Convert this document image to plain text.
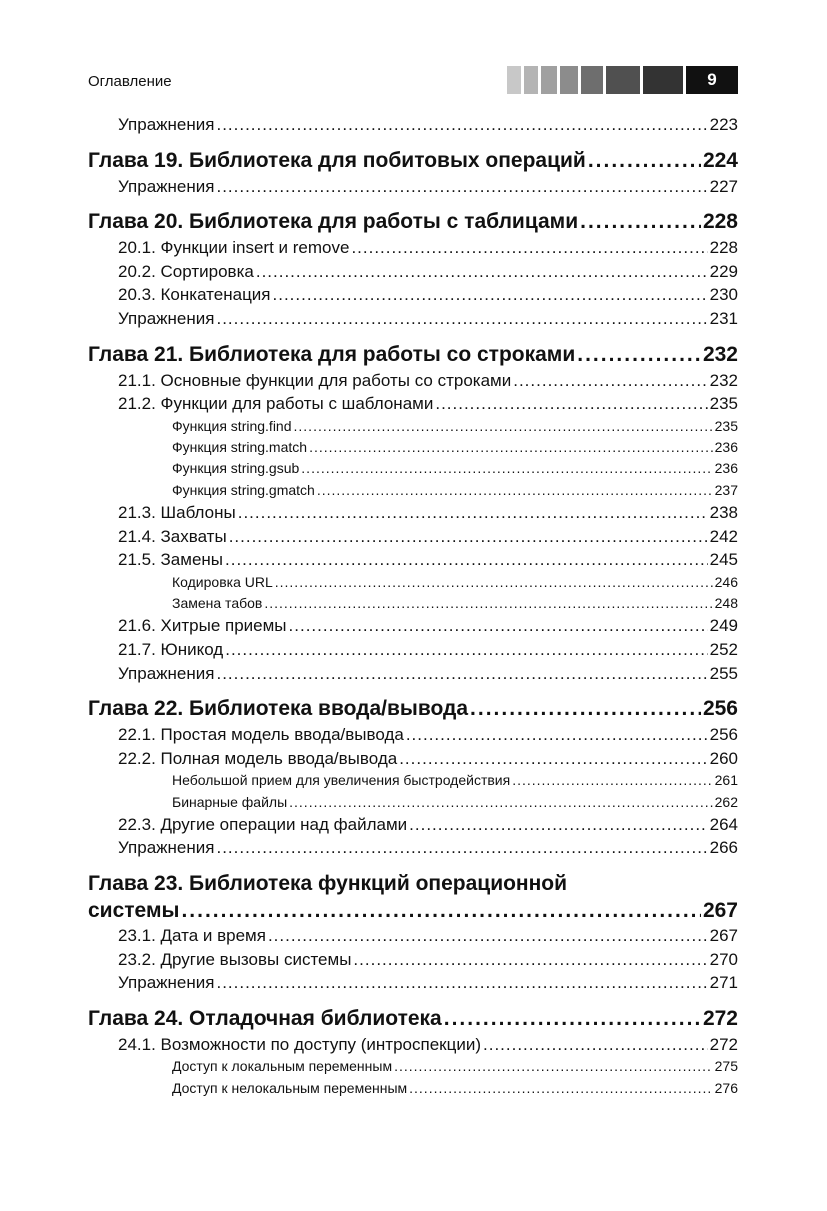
Оглавление	9
Упражнения .....	223
Глава 19. Библиотека для побитовых операций .....	224
Упражнения .....	227
Глава 20. Библиотека для работы с таблицами .....	228
20.1. Функции insert и remove .....	228
20.2. Сортировка .....	229
20.3. Конкатенация .....	230
Упражнения .....	231
Глава 21. Библиотека для работы со строками .....	232
21.1. Основные функции для работы со строками .....	232
21.2. Функции для работы с шаблонами .....	235
Функция string.find .....	235
Функция string.match .....	236
Функция string.gsub .....	236
Функция string.gmatch .....	237
21.3. Шаблоны .....	238
21.4. Захваты .....	242
21.5. Замены .....	245
Кодировка URL .....	246
Замена табов .....	248
21.6. Хитрые приемы .....	249
21.7. Юникод .....	252
Упражнения .....	255
Глава 22. Библиотека ввода/вывода .....	256
22.1. Простая модель ввода/вывода .....	256
22.2. Полная модель ввода/вывода .....	260
Небольшой прием для увеличения быстродействия .....	261
Бинарные файлы .....	262
22.3. Другие операции над файлами .....	264
Упражнения .....	266
Глава 23. Библиотека функций операционной
системы .....	267
23.1. Дата и время .....	267
23.2. Другие вызовы системы .....	270
Упражнения .....	271
Глава 24. Отладочная библиотека .....	272
24.1. Возможности по доступу (интроспекции) .....	272
Доступ к локальным переменным .....	275
Доступ к нелокальным переменным .....	276
